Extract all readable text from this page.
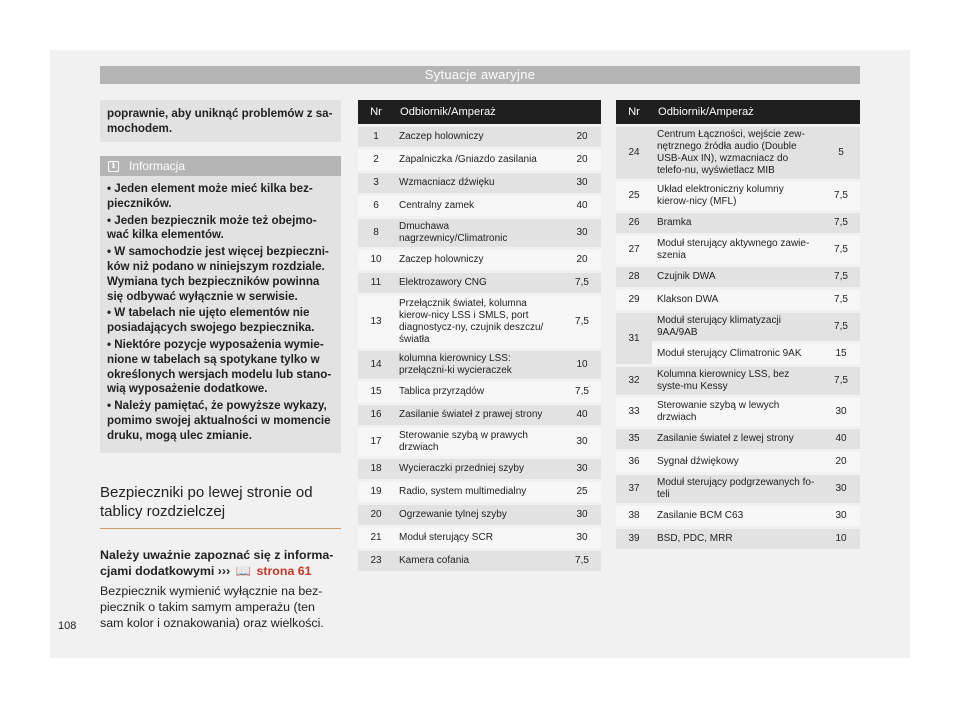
Sytuacje awaryjne
poprawnie, aby uniknąć problemów z sa-mochodem.
i	Informacja

• Jeden element może mieć kilka bez-pieczników.

• Jeden bezpiecznik może też obejmo-wać kilka elementów.

• W samochodzie jest więcej bezpieczni-ków niż podano w niniejszym rozdziale. Wymiana tych bezpieczników powinna się odbywać wyłącznie w serwisie.

• W tabelach nie ujęto elementów nie posiadających swojego bezpiecznika.

• Niektóre pozycje wyposażenia wymie-nione w tabelach są spotykane tylko w określonych wersjach modelu lub stano-wią wyposażenie dodatkowe.

• Należy pamiętać, że powyższe wykazy, pomimo swojej aktualności w momencie druku, mogą ulec zmianie.

Bezpieczniki po lewej stronie od tablicy rozdzielczej
Należy uważnie zapoznać się z informa-cjami dodatkowymi ››› 📖 strona 61
Bezpiecznik wymienić wyłącznie na bez-piecznik o takim samym amperażu (ten sam kolor i oznakowania) oraz wielkości.
Nr	Odbiornik/Amperaż	
1	Zaczep holowniczy	20
2	Zapalniczka /Gniazdo zasilania	20
3	Wzmacniacz dźwięku	30
6	Centralny zamek	40
8	Dmuchawa nagrzewnicy/Climatronic	30
10	Zaczep holowniczy	20
11	Elektrozawory CNG	7,5
13	Przełącznik świateł, kolumna kierow-nicy LSS i SMLS, port diagnostycz-ny, czujnik deszczu/światła	7,5
14	kolumna kierownicy LSS: przełączni-ki wycieraczek	10
15	Tablica przyrządów	7,5
16	Zasilanie świateł z prawej strony	40
17	Sterowanie szybą w prawych drzwiach	30
18	Wycieraczki przedniej szyby	30
19	Radio, system multimedialny	25
20	Ogrzewanie tylnej szyby	30
21	Moduł sterujący SCR	30
23	Kamera cofania	7,5
Nr	Odbiornik/Amperaż	
24	Centrum Łączności, wejście zew-nętrznego źródła audio (Double USB-Aux IN), wzmacniacz do telefo-nu, wyświetlacz MIB	5
25	Układ elektroniczny kolumny kierow-nicy (MFL)	7,5
26	Bramka	7,5
27	Moduł sterujący aktywnego zawie-szenia	7,5
28	Czujnik DWA	7,5
29	Klakson DWA	7,5
31	Moduł sterujący klimatyzacji 9AA/9AB	7,5
	Moduł sterujący Climatronic 9AK	15
32	Kolumna kierownicy LSS, bez syste-mu Kessy	7,5
33	Sterowanie szybą w lewych drzwiach	30
35	Zasilanie świateł z lewej strony	40
36	Sygnał dźwiękowy	20
37	Moduł sterujący podgrzewanych fo-teli	30
38	Zasilanie BCM C63	30
39	BSD, PDC, MRR	10
108
